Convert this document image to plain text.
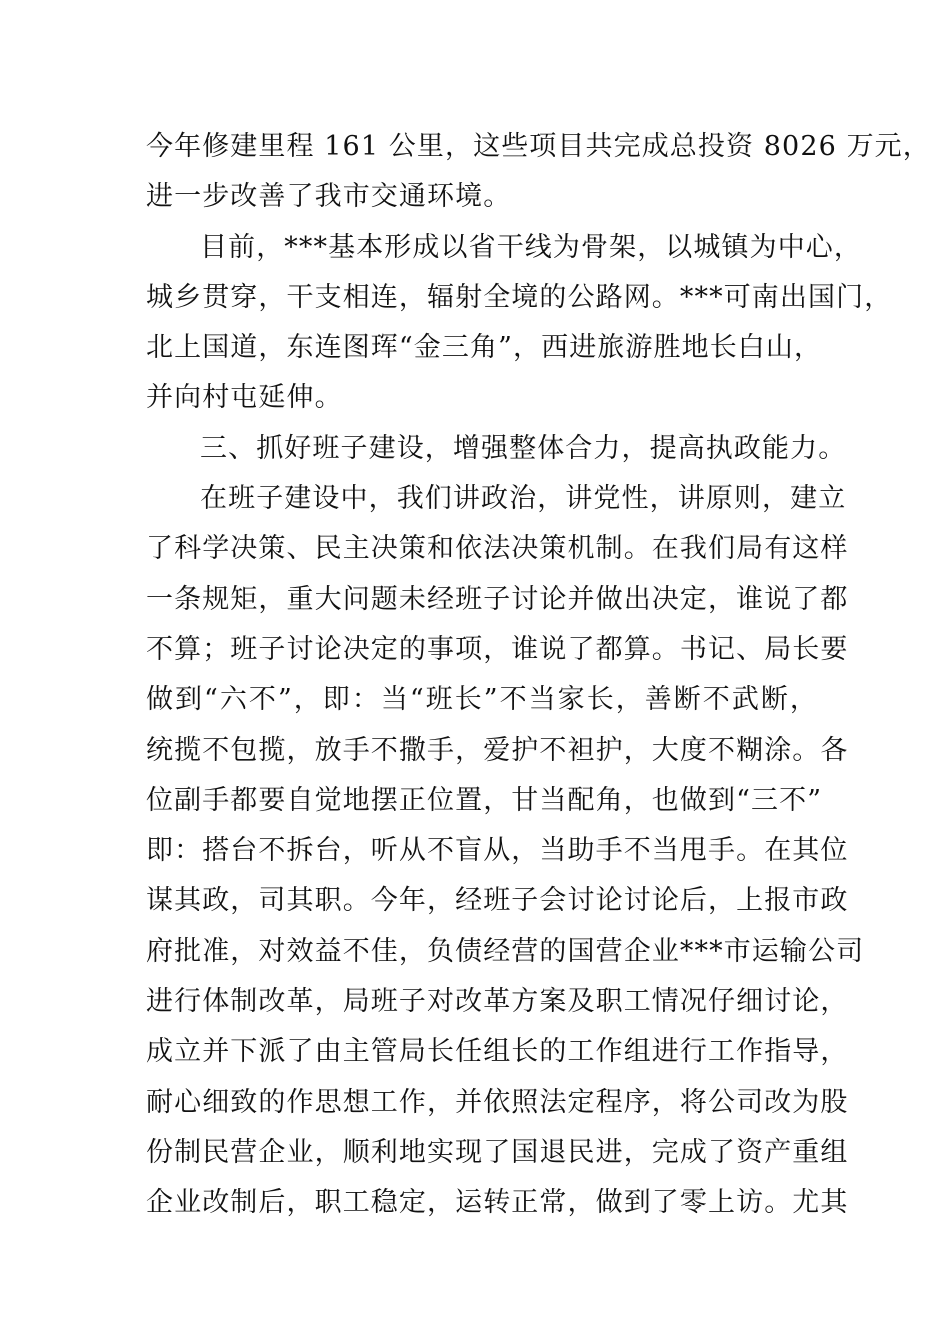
今年修建里程 161 公里，这些项目共完成总投资 8026 万元，
进一步改善了我市交通环境。
目前，***基本形成以省干线为骨架，以城镇为中心，
城乡贯穿，干支相连，辐射全境的公路网。***可南出国门，
北上国道，东连图珲“金三角”，西进旅游胜地长白山，
并向村屯延伸。
三、抓好班子建设，增强整体合力，提高执政能力。
在班子建设中，我们讲政治，讲党性，讲原则，建立
了科学决策、民主决策和依法决策机制。在我们局有这样
一条规矩，重大问题未经班子讨论并做出决定，谁说了都
不算；班子讨论决定的事项，谁说了都算。书记、局长要
做到“六不”，即：当“班长”不当家长，善断不武断，
统揽不包揽，放手不撒手，爱护不袒护，大度不糊涂。各
位副手都要自觉地摆正位置，甘当配角，也做到“三不”
即：搭台不拆台，听从不盲从，当助手不当甩手。在其位
谋其政，司其职。今年，经班子会讨论讨论后，上报市政
府批准，对效益不佳，负债经营的国营企业***市运输公司
进行体制改革，局班子对改革方案及职工情况仔细讨论，
成立并下派了由主管局长任组长的工作组进行工作指导，
耐心细致的作思想工作，并依照法定程序，将公司改为股
份制民营企业，顺利地实现了国退民进，完成了资产重组
企业改制后，职工稳定，运转正常，做到了零上访。尤其
